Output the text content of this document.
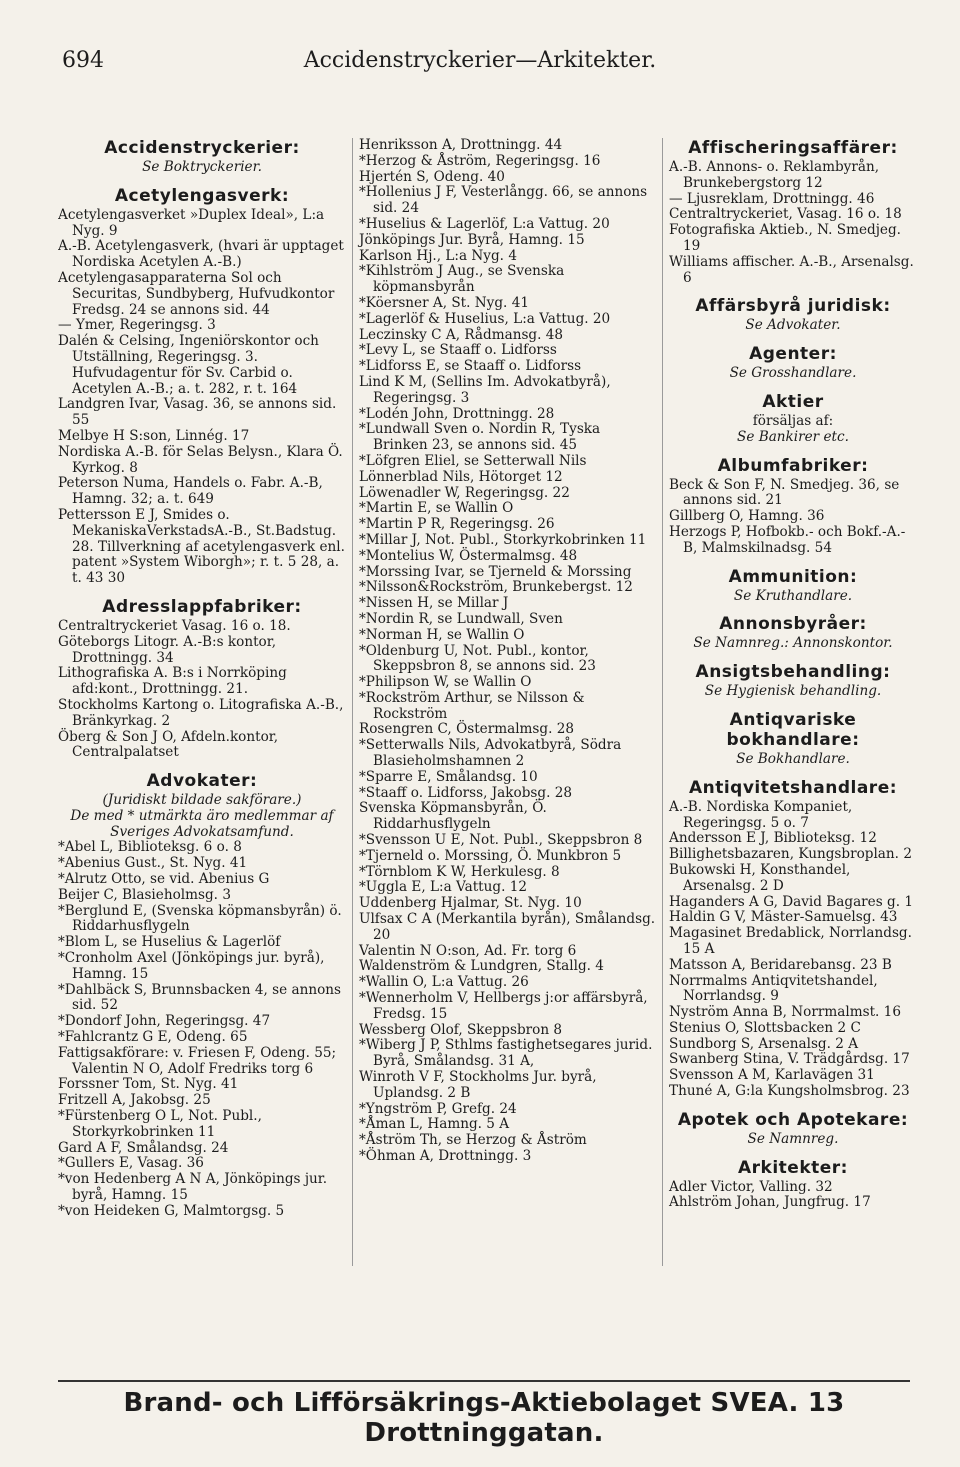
694	Accidenstryckerier—Arkitekter.
Accidenstryckerier:
Se Boktryckerier.
Acetylengasverk:
Acetylengasverket »Duplex Ideal», L:a Nyg. 9
A.-B. Acetylengasverk, (hvari är upptaget Nordiska Acetylen A.-B.)
Acetylengasapparaterna Sol och Securitas, Sundbyberg, Hufvudkontor Fredsg. 24 se annons sid. 44
— Ymer, Regeringsg. 3
Dalén & Celsing, Ingeniörskontor och Utställning, Regeringsg. 3. Hufvudagentur för Sv. Carbid o. Acetylen A.-B.; a. t. 282, r. t. 164
Landgren Ivar, Vasag. 36, se annons sid. 55
Melbye H S:son, Linnég. 17
Nordiska A.-B. för Selas Belysn., Klara Ö. Kyrkog. 8
Peterson Numa, Handels o. Fabr. A.-B, Hamng. 32; a. t. 649
Pettersson E J, Smides o. MekaniskaVerkstadsA.-B., St.Badstug. 28. Tillverkning af acetylengasverk enl. patent »System Wiborgh»; r. t. 5 28, a. t. 43 30
Adresslappfabriker:
Centraltryckeriet Vasag. 16 o. 18.
Göteborgs Litogr. A.-B:s kontor, Drottningg. 34
Lithografiska A. B:s i Norrköping afd:kont., Drottningg. 21.
Stockholms Kartong o. Litografiska A.-B., Bränkyrkag. 2
Öberg & Son J O, Afdeln.kontor, Centralpalatset
Advokater:
(Juridiskt bildade sakförare.)
De med * utmärkta äro medlemmar af Sveriges Advokatsamfund.
*Abel L, Biblioteksg. 6 o. 8
*Abenius Gust., St. Nyg. 41
*Alrutz Otto, se vid. Abenius G
Beijer C, Blasieholmsg. 3
*Berglund E, (Svenska köpmansbyrån) ö. Riddarhusflygeln
*Blom L, se Huselius & Lagerlöf
*Cronholm Axel (Jönköpings jur. byrå), Hamng. 15
*Dahlbäck S, Brunnsbacken 4, se annons sid. 52
*Dondorf John, Regeringsg. 47
*Fahlcrantz G E, Odeng. 65
Fattigsakförare: v. Friesen F, Odeng. 55; Valentin N O, Adolf Fredriks torg 6
Forssner Tom, St. Nyg. 41
Fritzell A, Jakobsg. 25
*Fürstenberg O L, Not. Publ., Storkyrkobrinken 11
Gard A F, Smålandsg. 24
*Gullers E, Vasag. 36
*von Hedenberg A N A, Jönköpings jur. byrå, Hamng. 15
*von Heideken G, Malmtorgsg. 5
Henriksson A, Drottningg. 44
*Herzog & Åström, Regeringsg. 16
Hjertén S, Odeng. 40
*Hollenius J F, Vesterlångg. 66, se annons sid. 24
*Huselius & Lagerlöf, L:a Vattug. 20
Jönköpings Jur. Byrå, Hamng. 15
Karlson Hj., L:a Nyg. 4
*Kihlström J Aug., se Svenska köpmansbyrån
*Köersner A, St. Nyg. 41
*Lagerlöf & Huselius, L:a Vattug. 20
Leczinsky C A, Rådmansg. 48
*Levy L, se Staaff o. Lidforss
*Lidforss E, se Staaff o. Lidforss
Lind K M, (Sellins Im. Advokatbyrå), Regeringsg. 3
*Lodén John, Drottningg. 28
*Lundwall Sven o. Nordin R, Tyska Brinken 23, se annons sid. 45
*Löfgren Eliel, se Setterwall Nils
Lönnerblad Nils, Hötorget 12
Löwenadler W, Regeringsg. 22
*Martin E, se Wallin O
*Martin P R, Regeringsg. 26
*Millar J, Not. Publ., Storkyrkobrinken 11
*Montelius W, Östermalmsg. 48
*Morssing Ivar, se Tjerneld & Morssing
*Nilsson&Rockström, Brunkebergst. 12
*Nissen H, se Millar J
*Nordin R, se Lundwall, Sven
*Norman H, se Wallin O
*Oldenburg U, Not. Publ., kontor, Skeppsbron 8, se annons sid. 23
*Philipson W, se Wallin O
*Rockström Arthur, se Nilsson & Rockström
Rosengren C, Östermalmsg. 28
*Setterwalls Nils, Advokatbyrå, Södra Blasieholmshamnen 2
*Sparre E, Smålandsg. 10
*Staaff o. Lidforss, Jakobsg. 28
Svenska Köpmansbyrån, Ö. Riddarhusflygeln
*Svensson U E, Not. Publ., Skeppsbron 8
*Tjerneld o. Morssing, Ö. Munkbron 5
*Törnblom K W, Herkulesg. 8
*Uggla E, L:a Vattug. 12
Uddenberg Hjalmar, St. Nyg. 10
Ulfsax C A (Merkantila byrån), Smålandsg. 20
Valentin N O:son, Ad. Fr. torg 6
Waldenström & Lundgren, Stallg. 4
*Wallin O, L:a Vattug. 26
*Wennerholm V, Hellbergs j:or affärsbyrå, Fredsg. 15
Wessberg Olof, Skeppsbron 8
*Wiberg J P, Sthlms fastighetsegares jurid. Byrå, Smålandsg. 31 A,
Winroth V F, Stockholms Jur. byrå, Uplandsg. 2 B
*Yngström P, Grefg. 24
*Åman L, Hamng. 5 A
*Åström Th, se Herzog & Åström
*Öhman A, Drottningg. 3
Affischeringsaffärer:
A.-B. Annons- o. Reklambyrån, Brunkebergstorg 12
— Ljusreklam, Drottningg. 46
Centraltryckeriet, Vasag. 16 o. 18
Fotografiska Aktieb., N. Smedjeg. 19
Williams affischer. A.-B., Arsenalsg. 6
Affärsbyrå juridisk:
Se Advokater.
Agenter:
Se Grosshandlare.
Aktier
försäljas af:
Se Bankirer etc.
Albumfabriker:
Beck & Son F, N. Smedjeg. 36, se annons sid. 21
Gillberg O, Hamng. 36
Herzogs P, Hofbokb.- och Bokf.-A.-B, Malmskilnadsg. 54
Ammunition:
Se Kruthandlare.
Annonsbyråer:
Se Namnreg.: Annonskontor.
Ansigtsbehandling:
Se Hygienisk behandling.
Antiqvariske bokhandlare:
Se Bokhandlare.
Antiqvitetshandlare:
A.-B. Nordiska Kompaniet, Regeringsg. 5 o. 7
Andersson E J, Biblioteksg. 12
Billighetsbazaren, Kungsbroplan. 2
Bukowski H, Konsthandel, Arsenalsg. 2 D
Haganders A G, David Bagares g. 1
Haldin G V, Mäster-Samuelsg. 43
Magasinet Bredablick, Norrlandsg. 15 A
Matsson A, Beridarebansg. 23 B
Norrmalms Antiqvitetshandel, Norrlandsg. 9
Nyström Anna B, Norrmalmst. 16
Stenius O, Slottsbacken 2 C
Sundborg S, Arsenalsg. 2 A
Swanberg Stina, V. Trädgårdsg. 17
Svensson A M, Karlavägen 31
Thuné A, G:la Kungsholmsbrog. 23
Apotek och Apotekare:
Se Namnreg.
Arkitekter:
Adler Victor, Valling. 32
Ahlström Johan, Jungfrug. 17
Brand- och Lifförsäkrings-Aktiebolaget SVEA. 13 Drottninggatan.
